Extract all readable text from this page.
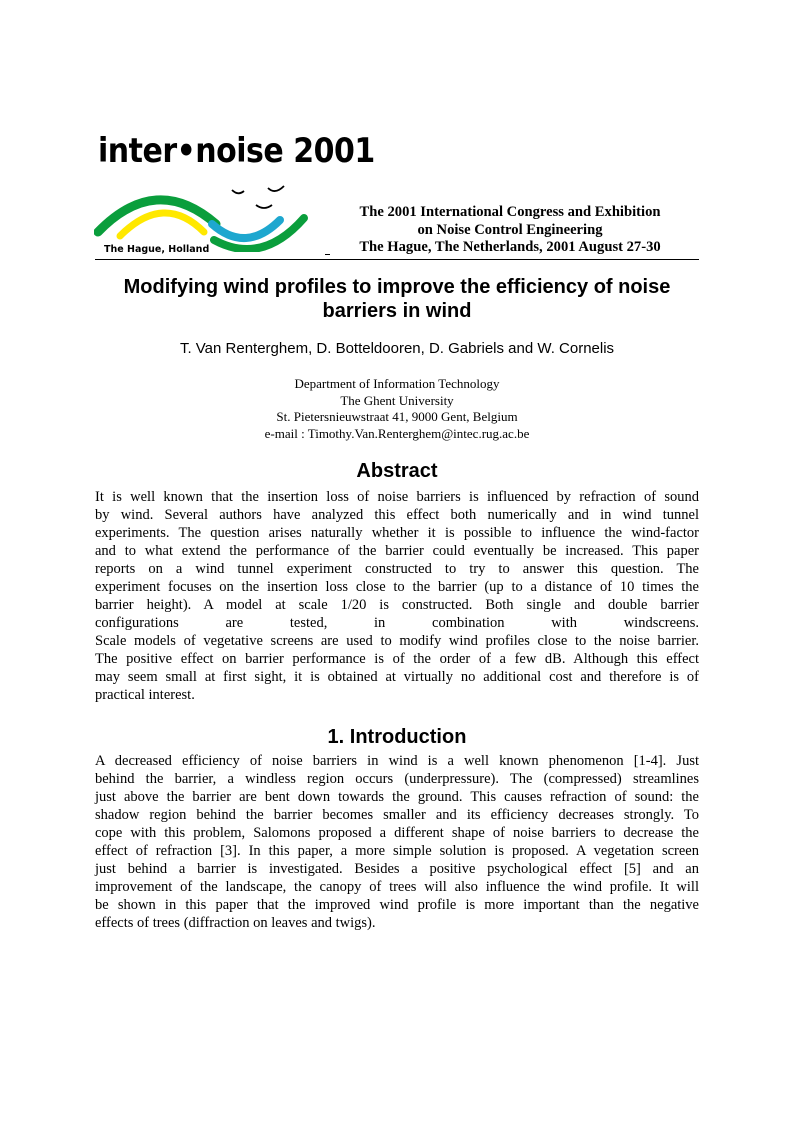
inter•noise 2001
The Hague, Holland
The 2001 International Congress and Exhibition
on Noise Control Engineering
The Hague, The Netherlands, 2001 August 27-30
Modifying wind profiles to improve the efficiency of noise
barriers in wind
T. Van Renterghem, D. Botteldooren, D. Gabriels and W. Cornelis
Department of Information Technology
The Ghent University
St. Pietersnieuwstraat 41, 9000 Gent, Belgium
e-mail : Timothy.Van.Renterghem@intec.rug.ac.be
Abstract
It is well known that the insertion loss of noise barriers is influenced by refraction of sound
by wind. Several authors have analyzed this effect both numerically and in wind tunnel
experiments. The question arises naturally whether it is possible to influence the wind-factor
and to what extend the performance of the barrier could eventually be increased. This paper
reports on a wind tunnel experiment constructed to try to answer this question. The
experiment focuses on the insertion loss close to the barrier (up to a distance of 10 times the
barrier height). A model at scale 1/20 is constructed. Both single and double barrier
configurations are tested, in combination with windscreens.
Scale models of vegetative screens are used to modify wind profiles close to the noise barrier.
The positive effect on barrier performance is of the order of a few dB. Although this effect
may seem small at first sight, it is obtained at virtually no additional cost and therefore is of
practical interest.
1. Introduction
A decreased efficiency of noise barriers in wind is a well known phenomenon [1-4]. Just
behind the barrier, a windless region occurs (underpressure). The (compressed) streamlines
just above the barrier are bent down towards the ground. This causes refraction of sound: the
shadow region behind the barrier becomes smaller and its efficiency decreases strongly. To
cope with this problem, Salomons proposed a different shape of noise barriers to decrease the
effect of refraction [3]. In this paper, a more simple solution is proposed. A vegetation screen
just behind a barrier is investigated. Besides a positive psychological effect [5] and an
improvement of the landscape, the canopy of trees will also influence the wind profile. It will
be shown in this paper that the improved wind profile is more important than the negative
effects of trees (diffraction on leaves and twigs).
